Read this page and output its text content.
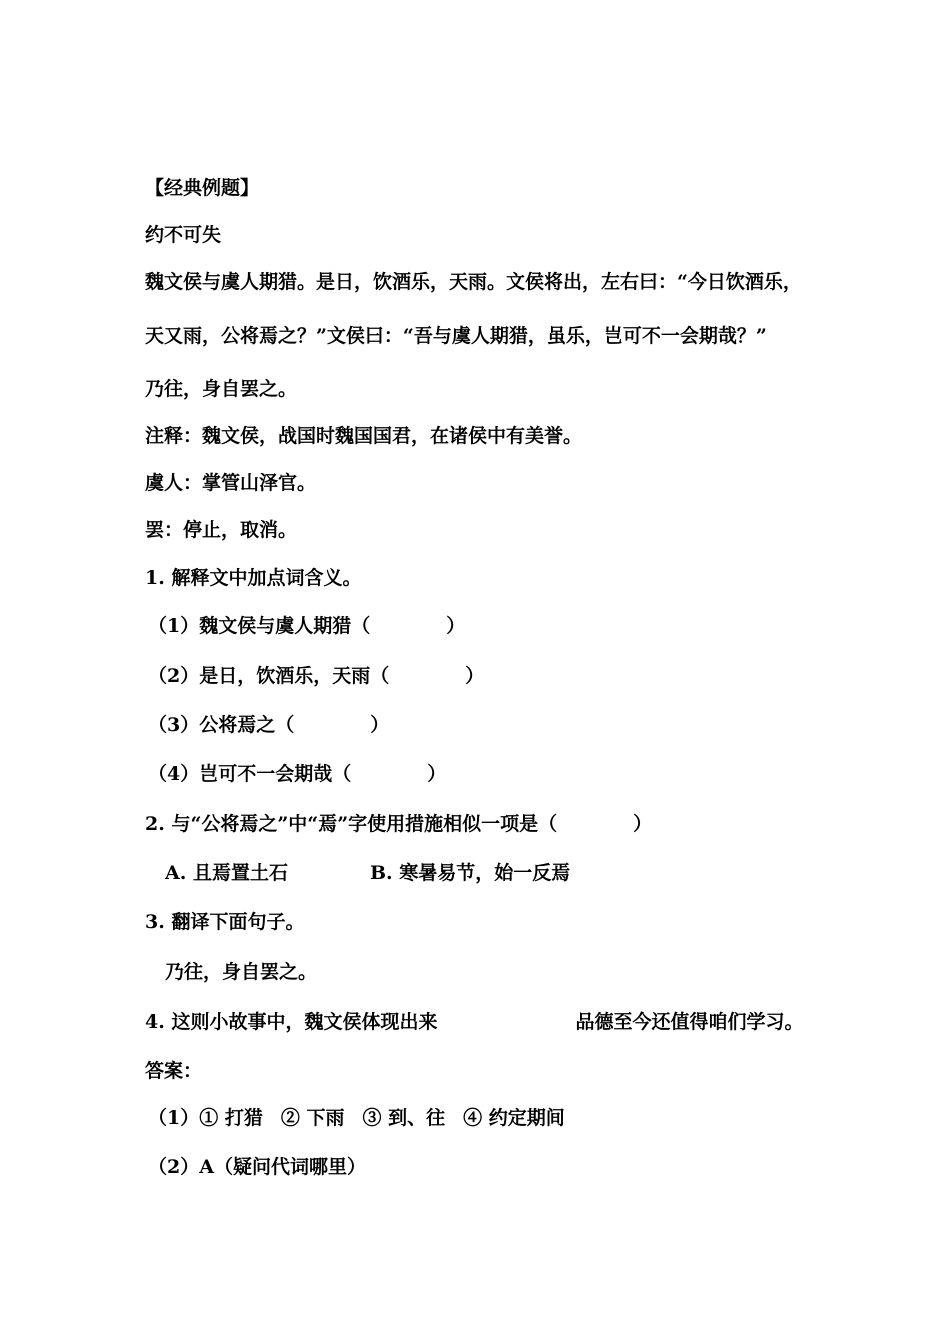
【经典例题】
约不可失
魏文侯与虞人期猎。是日，饮酒乐，天雨。文侯将出，左右曰：“今日饮酒乐，
天又雨，公将焉之？”文侯曰：“吾与虞人期猎，虽乐，岂可不一会期哉？”
乃往，身自罢之。
注释：魏文侯，战国时魏国国君，在诸侯中有美誉。
虞人：掌管山泽官。
罢：停止，取消。
1. 解释文中加点词含义。
（1）魏文侯与虞人期猎（　　　　）
（2）是日，饮酒乐，天雨（　　　　）
（3）公将焉之（　　　　）
（4）岂可不一会期哉（　　　　）
2. 与“公将焉之”中“焉”字使用措施相似一项是（　　　　）
A. 且焉置土石	B. 寒暑易节，始一反焉
3. 翻译下面句子。
乃往，身自罢之。
4. 这则小故事中，魏文侯体现出来	品德至今还值得咱们学习。
答案：
（1）① 打猎 ② 下雨 ③ 到、往 ④ 约定期间
（2）A（疑问代词哪里）
